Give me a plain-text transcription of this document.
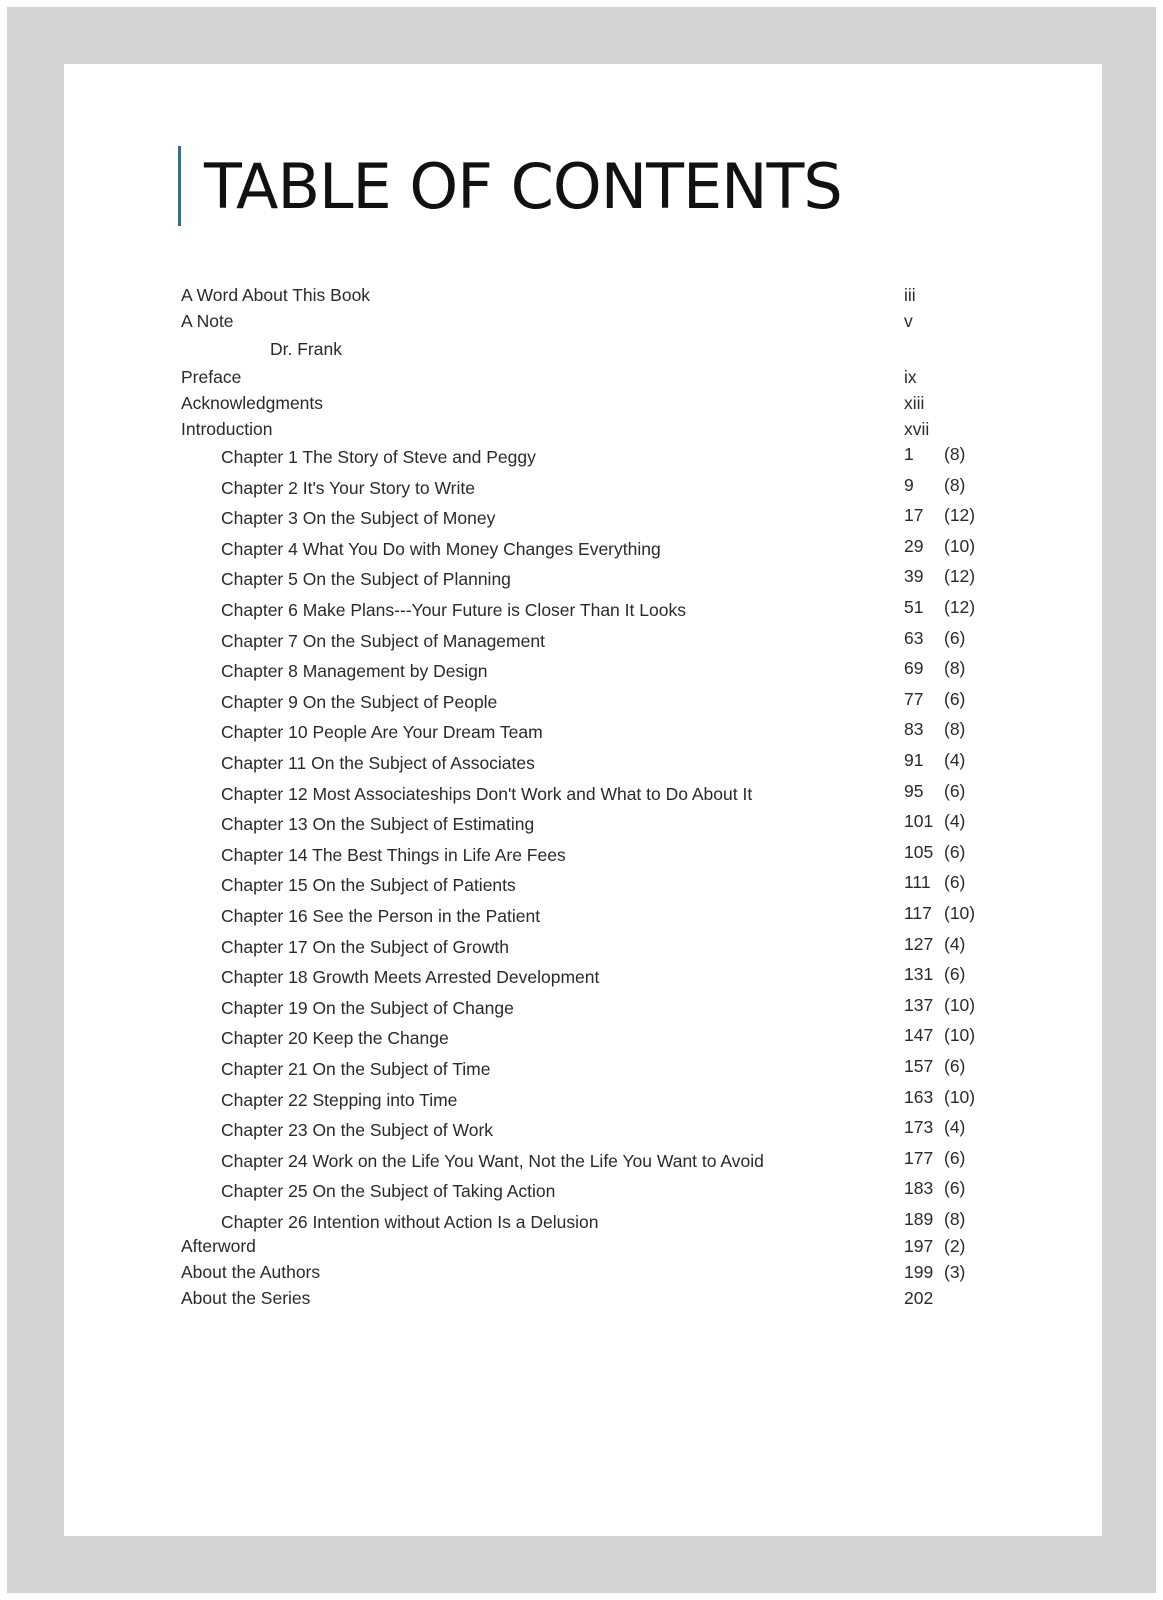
TABLE OF CONTENTS
A Word About This Book	iii
A Note	v
Dr. Frank
Preface	ix
Acknowledgments	xiii
Introduction	xvii
Chapter 1 The Story of Steve and Peggy	1 (8)
Chapter 2 It's Your Story to Write	9 (8)
Chapter 3 On the Subject of Money	17 (12)
Chapter 4 What You Do with Money Changes Everything	29 (10)
Chapter 5 On the Subject of Planning	39 (12)
Chapter 6 Make Plans---Your Future is Closer Than It Looks	51 (12)
Chapter 7 On the Subject of Management	63 (6)
Chapter 8 Management by Design	69 (8)
Chapter 9 On the Subject of People	77 (6)
Chapter 10 People Are Your Dream Team	83 (8)
Chapter 11 On the Subject of Associates	91 (4)
Chapter 12 Most Associateships Don't Work and What to Do About It	95 (6)
Chapter 13 On the Subject of Estimating	101 (4)
Chapter 14 The Best Things in Life Are Fees	105 (6)
Chapter 15 On the Subject of Patients	111 (6)
Chapter 16 See the Person in the Patient	117 (10)
Chapter 17 On the Subject of Growth	127 (4)
Chapter 18 Growth Meets Arrested Development	131 (6)
Chapter 19 On the Subject of Change	137 (10)
Chapter 20 Keep the Change	147 (10)
Chapter 21 On the Subject of Time	157 (6)
Chapter 22 Stepping into Time	163 (10)
Chapter 23 On the Subject of Work	173 (4)
Chapter 24 Work on the Life You Want, Not the Life You Want to Avoid	177 (6)
Chapter 25 On the Subject of Taking Action	183 (6)
Chapter 26 Intention without Action Is a Delusion	189 (8)
Afterword	197 (2)
About the Authors	199 (3)
About the Series	202
